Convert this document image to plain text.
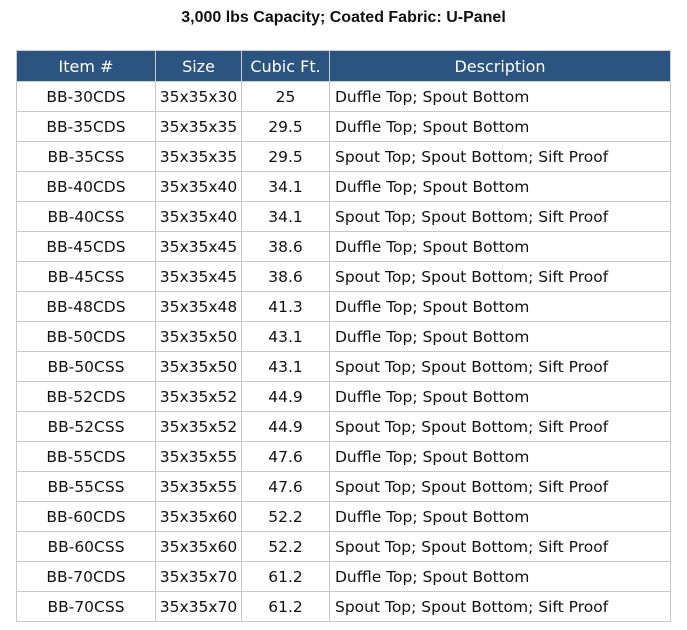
3,000 lbs Capacity; Coated Fabric: U-Panel
Item #	Size	Cubic Ft.	Description
BB-30CDS	35x35x30	25	Duffle Top; Spout Bottom
BB-35CDS	35x35x35	29.5	Duffle Top; Spout Bottom
BB-35CSS	35x35x35	29.5	Spout Top; Spout Bottom; Sift Proof
BB-40CDS	35x35x40	34.1	Duffle Top; Spout Bottom
BB-40CSS	35x35x40	34.1	Spout Top; Spout Bottom; Sift Proof
BB-45CDS	35x35x45	38.6	Duffle Top; Spout Bottom
BB-45CSS	35x35x45	38.6	Spout Top; Spout Bottom; Sift Proof
BB-48CDS	35x35x48	41.3	Duffle Top; Spout Bottom
BB-50CDS	35x35x50	43.1	Duffle Top; Spout Bottom
BB-50CSS	35x35x50	43.1	Spout Top; Spout Bottom; Sift Proof
BB-52CDS	35x35x52	44.9	Duffle Top; Spout Bottom
BB-52CSS	35x35x52	44.9	Spout Top; Spout Bottom; Sift Proof
BB-55CDS	35x35x55	47.6	Duffle Top; Spout Bottom
BB-55CSS	35x35x55	47.6	Spout Top; Spout Bottom; Sift Proof
BB-60CDS	35x35x60	52.2	Duffle Top; Spout Bottom
BB-60CSS	35x35x60	52.2	Spout Top; Spout Bottom; Sift Proof
BB-70CDS	35x35x70	61.2	Duffle Top; Spout Bottom
BB-70CSS	35x35x70	61.2	Spout Top; Spout Bottom; Sift Proof
